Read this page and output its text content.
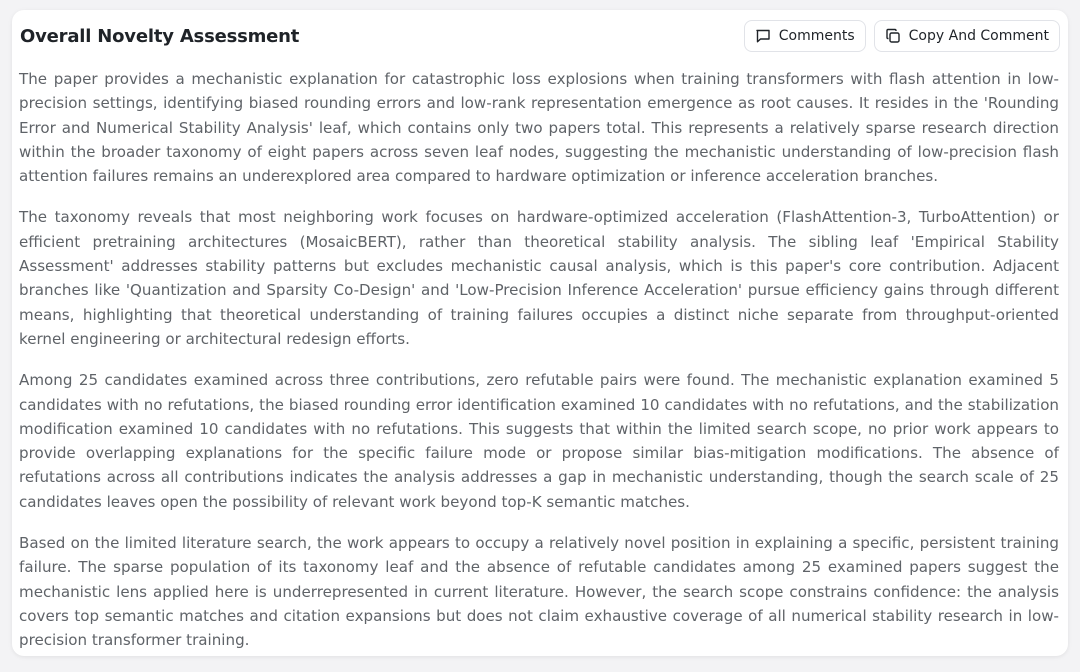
Overall Novelty Assessment	Comments	Copy And Comment

The paper provides a mechanistic explanation for catastrophic loss explosions when training transformers with flash attention in low-precision settings, identifying biased rounding errors and low-rank representation emergence as root causes. It resides in the 'Rounding Error and Numerical Stability Analysis' leaf, which contains only two papers total. This represents a relatively sparse research direction within the broader taxonomy of eight papers across seven leaf nodes, suggesting the mechanistic understanding of low-precision flash attention failures remains an underexplored area compared to hardware optimization or inference acceleration branches.

The taxonomy reveals that most neighboring work focuses on hardware-optimized acceleration (FlashAttention-3, TurboAttention) or efficient pretraining architectures (MosaicBERT), rather than theoretical stability analysis. The sibling leaf 'Empirical Stability Assessment' addresses stability patterns but excludes mechanistic causal analysis, which is this paper's core contribution. Adjacent branches like 'Quantization and Sparsity Co-Design' and 'Low-Precision Inference Acceleration' pursue efficiency gains through different means, highlighting that theoretical understanding of training failures occupies a distinct niche separate from throughput-oriented kernel engineering or architectural redesign efforts.

Among 25 candidates examined across three contributions, zero refutable pairs were found. The mechanistic explanation examined 5 candidates with no refutations, the biased rounding error identification examined 10 candidates with no refutations, and the stabilization modification examined 10 candidates with no refutations. This suggests that within the limited search scope, no prior work appears to provide overlapping explanations for the specific failure mode or propose similar bias-mitigation modifications. The absence of refutations across all contributions indicates the analysis addresses a gap in mechanistic understanding, though the search scale of 25 candidates leaves open the possibility of relevant work beyond top-K semantic matches.

Based on the limited literature search, the work appears to occupy a relatively novel position in explaining a specific, persistent training failure. The sparse population of its taxonomy leaf and the absence of refutable candidates among 25 examined papers suggest the mechanistic lens applied here is underrepresented in current literature. However, the search scope constrains confidence: the analysis covers top semantic matches and citation expansions but does not claim exhaustive coverage of all numerical stability research in low-precision transformer training.
